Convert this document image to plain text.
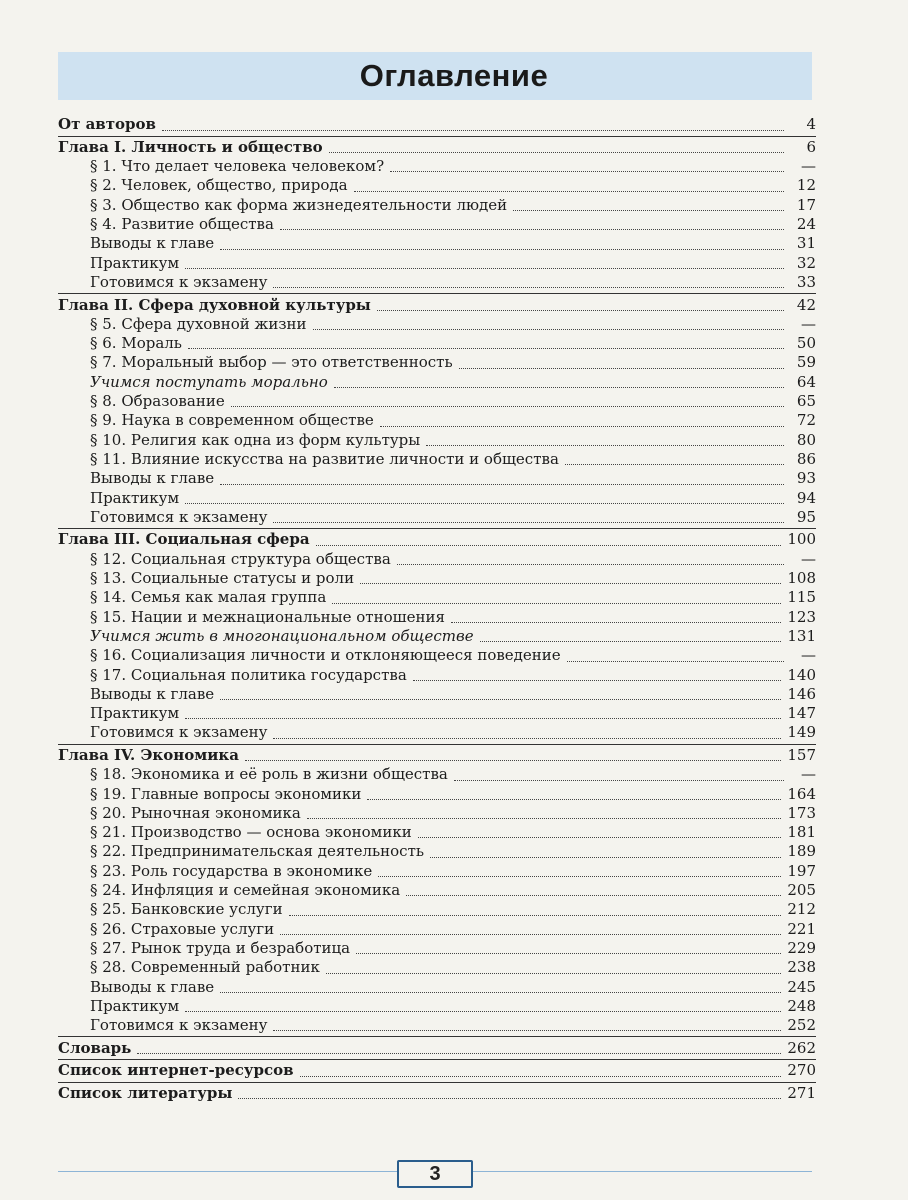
Оглавление
От авторов	4
Глава I. Личность и общество	6
§ 1. Что делает человека человеком?	—
§ 2. Человек, общество, природа	12
§ 3. Общество как форма жизнедеятельности людей	17
§ 4. Развитие общества	24
Выводы к главе	31
Практикум	32
Готовимся к экзамену	33
Глава II. Сфера духовной культуры	42
§ 5. Сфера духовной жизни	—
§ 6. Мораль	50
§ 7. Моральный выбор — это ответственность	59
Учимся поступать морально	64
§ 8. Образование	65
§ 9. Наука в современном обществе	72
§ 10. Религия как одна из форм культуры	80
§ 11. Влияние искусства на развитие личности и общества	86
Выводы к главе	93
Практикум	94
Готовимся к экзамену	95
Глава III. Социальная сфера	100
§ 12. Социальная структура общества	—
§ 13. Социальные статусы и роли	108
§ 14. Семья как малая группа	115
§ 15. Нации и межнациональные отношения	123
Учимся жить в многонациональном обществе	131
§ 16. Социализация личности и отклоняющееся поведение	—
§ 17. Социальная политика государства	140
Выводы к главе	146
Практикум	147
Готовимся к экзамену	149
Глава IV. Экономика	157
§ 18. Экономика и её роль в жизни общества	—
§ 19. Главные вопросы экономики	164
§ 20. Рыночная экономика	173
§ 21. Производство — основа экономики	181
§ 22. Предпринимательская деятельность	189
§ 23. Роль государства в экономике	197
§ 24. Инфляция и семейная экономика	205
§ 25. Банковские услуги	212
§ 26. Страховые услуги	221
§ 27. Рынок труда и безработица	229
§ 28. Современный работник	238
Выводы к главе	245
Практикум	248
Готовимся к экзамену	252
Словарь	262
Список интернет-ресурсов	270
Список литературы	271
3
